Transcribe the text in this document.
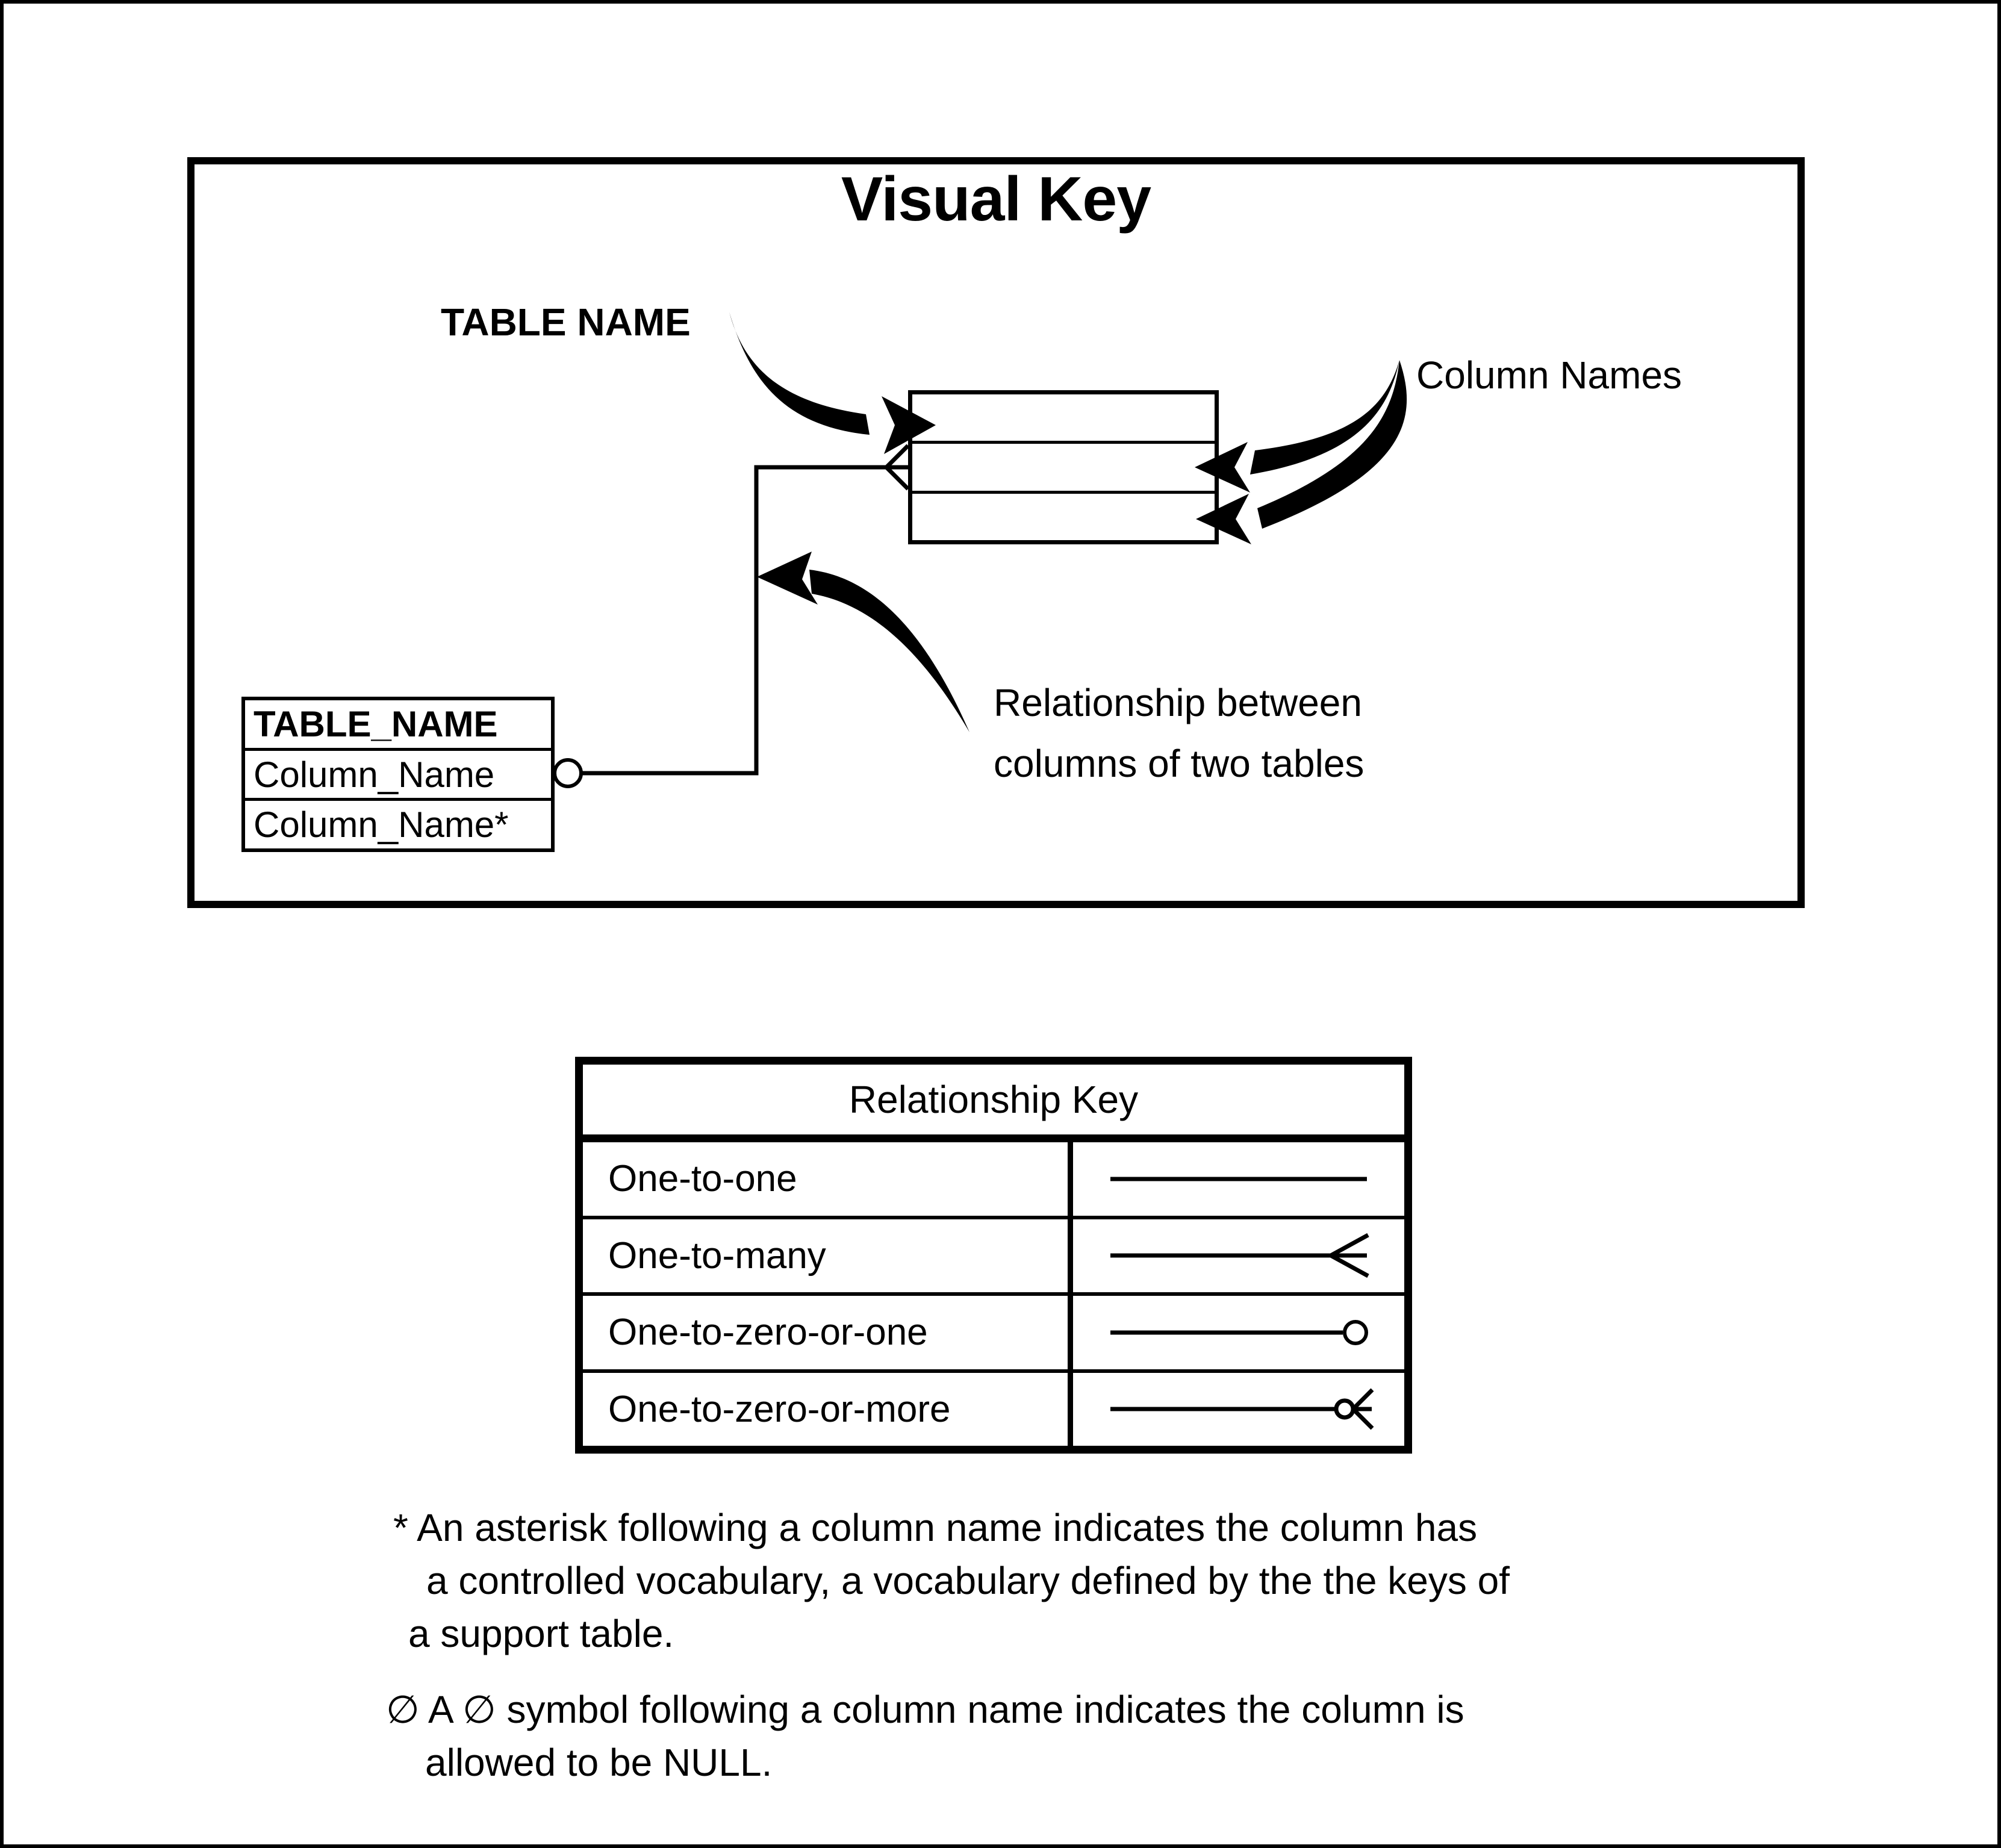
Visual Key
TABLE NAME
Column Names
Relationship between
columns of two tables
TABLE_NAME
Column_Name
Column_Name*
Relationship Key
One-to-one
One-to-many
One-to-zero-or-one
One-to-zero-or-more
* An asterisk following a column name indicates the column has
a controlled vocabulary, a vocabulary defined by the the keys of
a support table.
∅ A ∅ symbol following a column name indicates the column is
allowed to be NULL.
